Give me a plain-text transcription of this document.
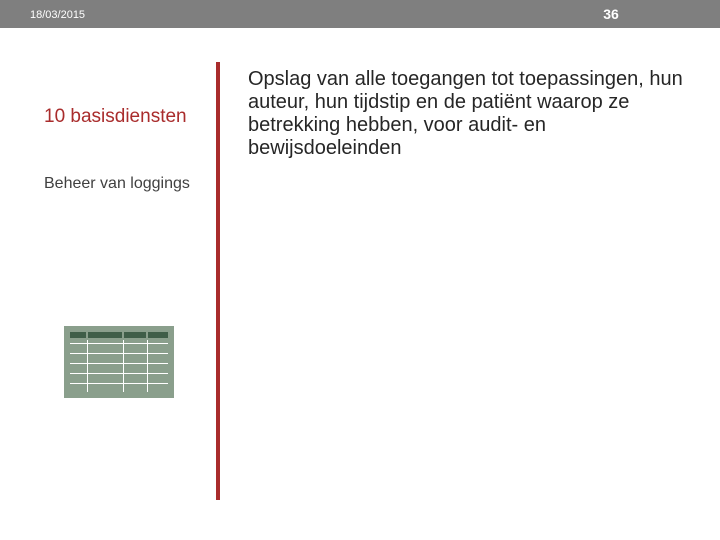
18/03/2015	36
10 basisdiensten
Beheer van loggings
Opslag van alle toegangen tot toepassingen, hun auteur, hun tijdstip en de patiënt waarop ze betrekking hebben, voor audit- en bewijsdoeleinden
